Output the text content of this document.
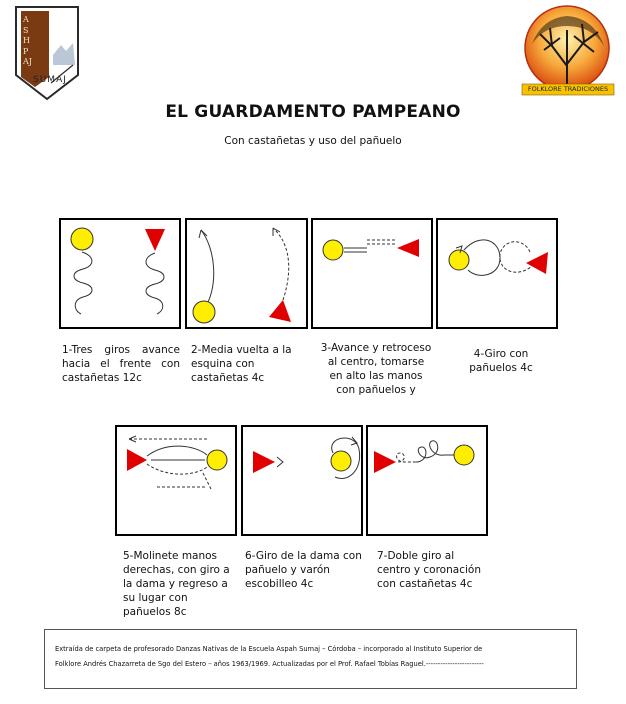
ASHPAJ
SUMAJ
FOLKLORE TRADICIONES
EL GUARDAMENTO PAMPEANO
Con castañetas y uso del pañuelo
1-Tres giros avance hacia el frente con castañetas 12c
2-Media vuelta a la esquina con castañetas 4c
3-Avance y retroceso al centro, tomarse en alto las manos con pañuelos y
4-Giro con pañuelos 4c
5-Molinete manos derechas, con giro a la dama y regreso a su lugar con pañuelos 8c
6-Giro de la dama con pañuelo y varón escobilleo 4c
7-Doble giro al centro y coronación con castañetas 4c
Extraída de carpeta de profesorado Danzas Nativas de la Escuela Aspah Sumaj – Córdoba – incorporado al Instituto Superior de
Folklore Andrés Chazarreta de Sgo del Estero – años 1963/1969. Actualizadas por el Prof. Rafael Tobías Raguel.------------------------
